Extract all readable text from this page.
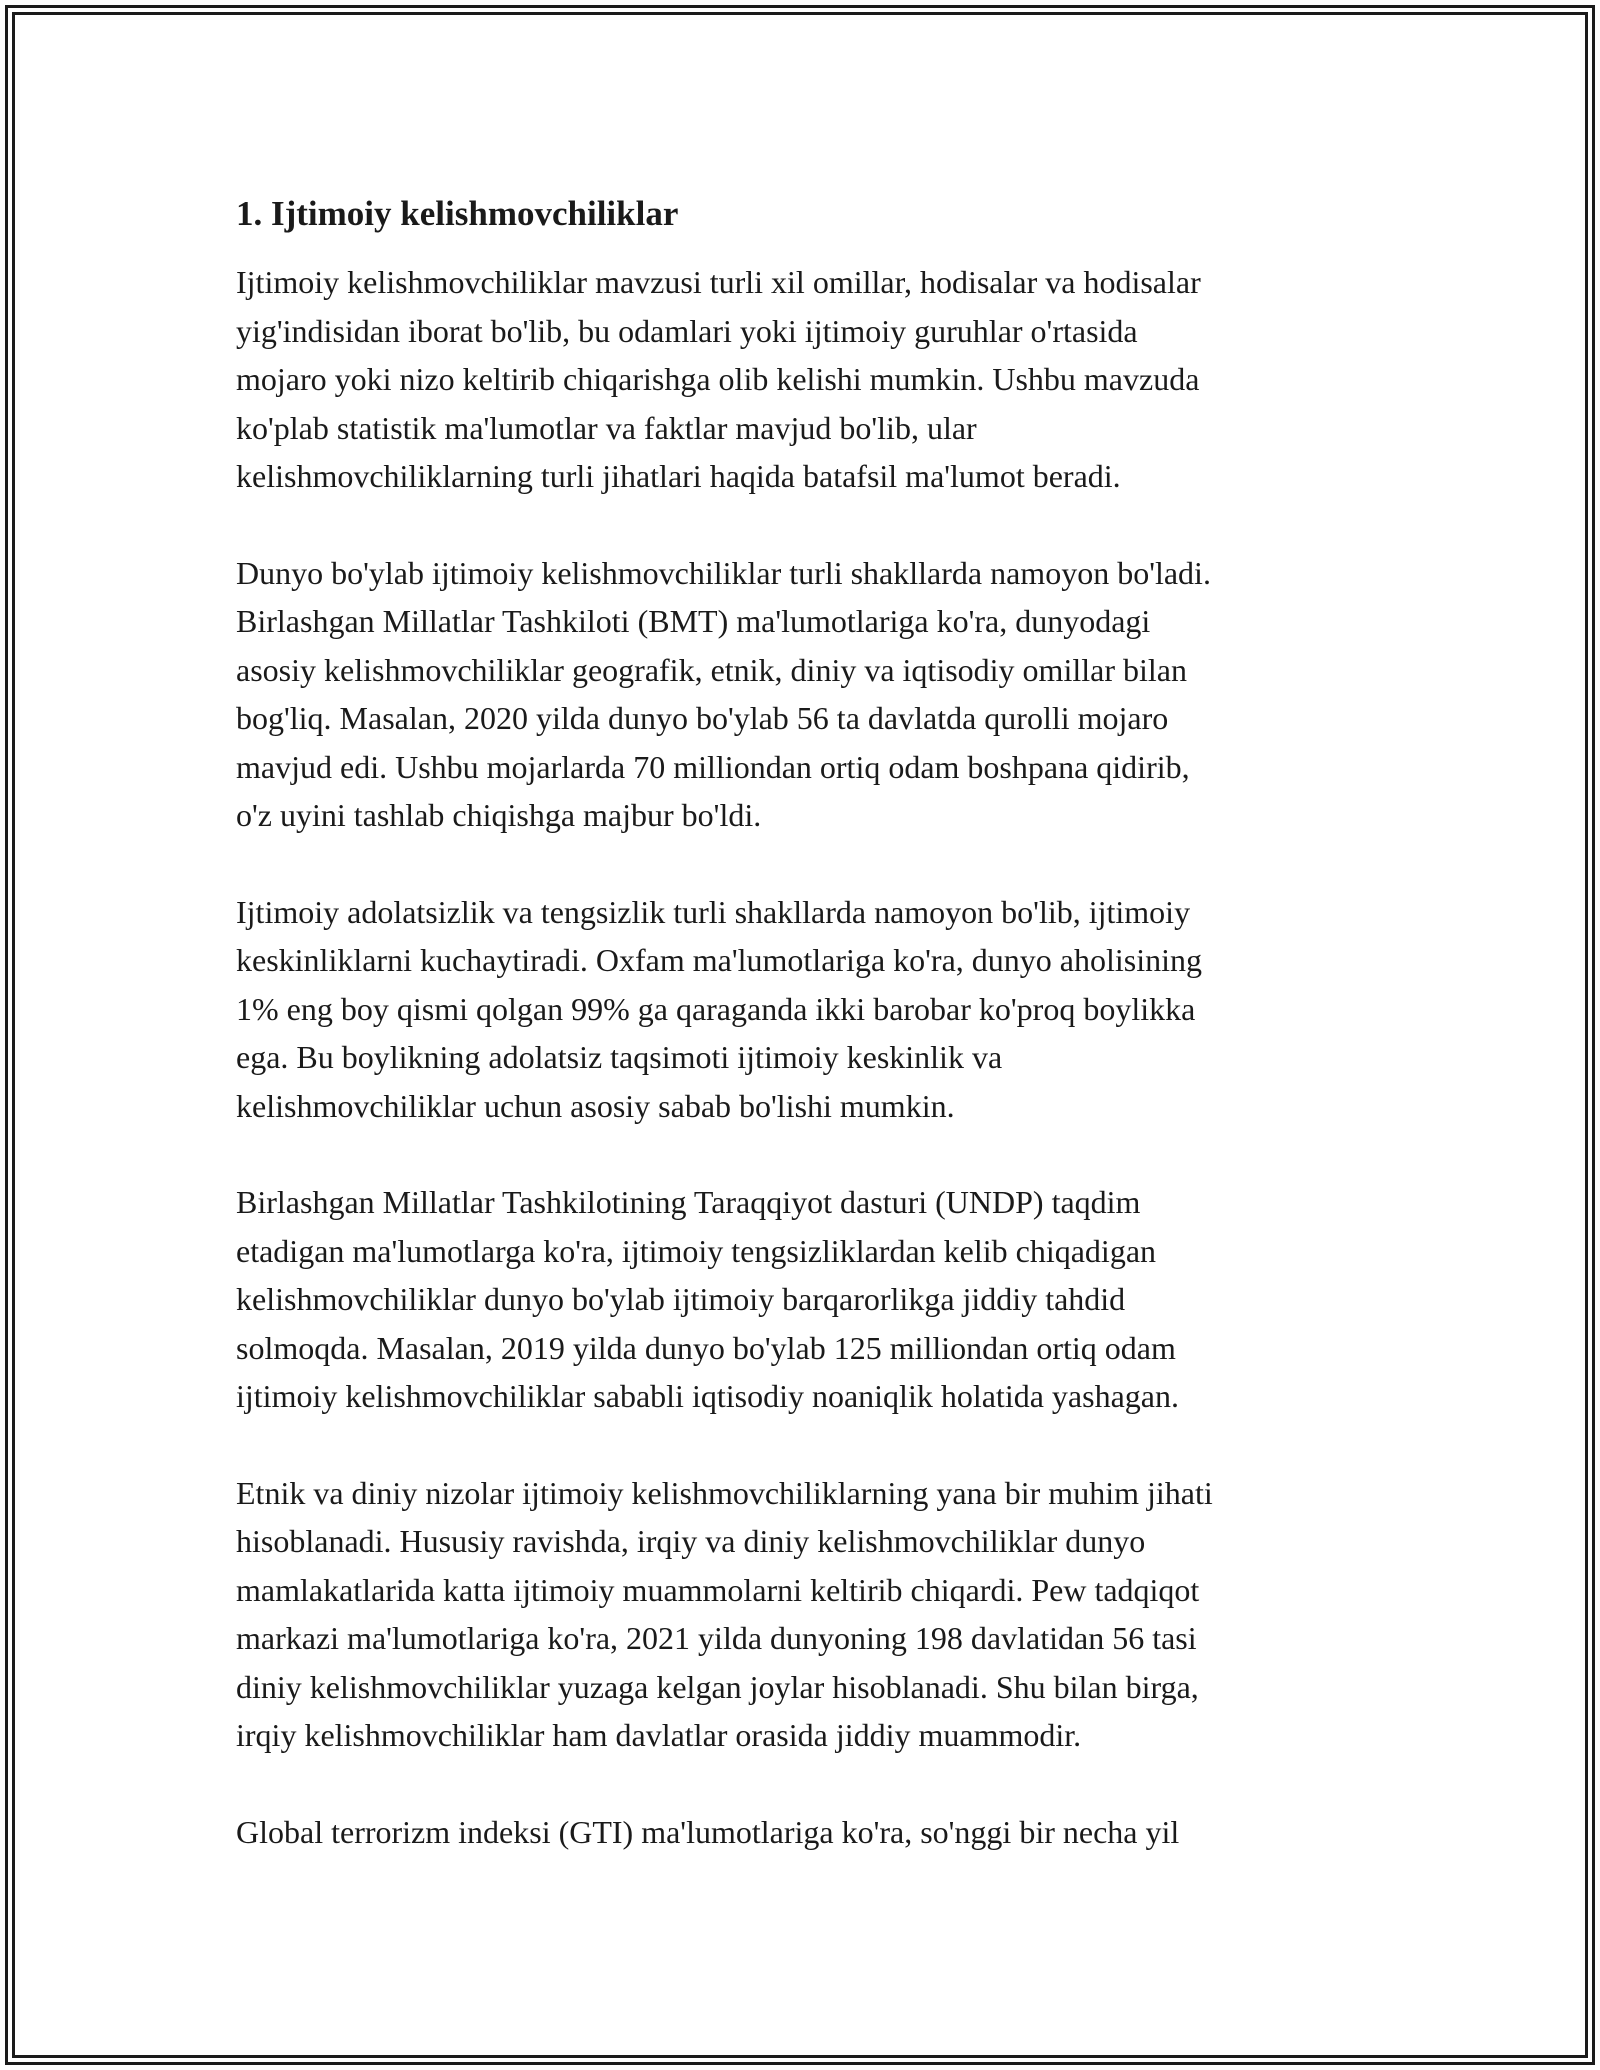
1. Ijtimoiy kelishmovchiliklar
Ijtimoiy kelishmovchiliklar mavzusi turli xil omillar, hodisalar va hodisalar
yig'indisidan iborat bo'lib, bu odamlari yoki ijtimoiy guruhlar o'rtasida
mojaro yoki nizo keltirib chiqarishga olib kelishi mumkin. Ushbu mavzuda
ko'plab statistik ma'lumotlar va faktlar mavjud bo'lib, ular
kelishmovchiliklarning turli jihatlari haqida batafsil ma'lumot beradi.
Dunyo bo'ylab ijtimoiy kelishmovchiliklar turli shakllarda namoyon bo'ladi.
Birlashgan Millatlar Tashkiloti (BMT) ma'lumotlariga ko'ra, dunyodagi
asosiy kelishmovchiliklar geografik, etnik, diniy va iqtisodiy omillar bilan
bog'liq. Masalan, 2020 yilda dunyo bo'ylab 56 ta davlatda qurolli mojaro
mavjud edi. Ushbu mojarlarda 70 milliondan ortiq odam boshpana qidirib,
o'z uyini tashlab chiqishga majbur bo'ldi.
Ijtimoiy adolatsizlik va tengsizlik turli shakllarda namoyon bo'lib, ijtimoiy
keskinliklarni kuchaytiradi. Oxfam ma'lumotlariga ko'ra, dunyo aholisining
1% eng boy qismi qolgan 99% ga qaraganda ikki barobar ko'proq boylikka
ega. Bu boylikning adolatsiz taqsimoti ijtimoiy keskinlik va
kelishmovchiliklar uchun asosiy sabab bo'lishi mumkin.
Birlashgan Millatlar Tashkilotining Taraqqiyot dasturi (UNDP) taqdim
etadigan ma'lumotlarga ko'ra, ijtimoiy tengsizliklardan kelib chiqadigan
kelishmovchiliklar dunyo bo'ylab ijtimoiy barqarorlikga jiddiy tahdid
solmoqda. Masalan, 2019 yilda dunyo bo'ylab 125 milliondan ortiq odam
ijtimoiy kelishmovchiliklar sababli iqtisodiy noaniqlik holatida yashagan.
Etnik va diniy nizolar ijtimoiy kelishmovchiliklarning yana bir muhim jihati
hisoblanadi. Hususiy ravishda, irqiy va diniy kelishmovchiliklar dunyo
mamlakatlarida katta ijtimoiy muammolarni keltirib chiqardi. Pew tadqiqot
markazi ma'lumotlariga ko'ra, 2021 yilda dunyoning 198 davlatidan 56 tasi
diniy kelishmovchiliklar yuzaga kelgan joylar hisoblanadi. Shu bilan birga,
irqiy kelishmovchiliklar ham davlatlar orasida jiddiy muammodir.
Global terrorizm indeksi (GTI) ma'lumotlariga ko'ra, so'nggi bir necha yil
